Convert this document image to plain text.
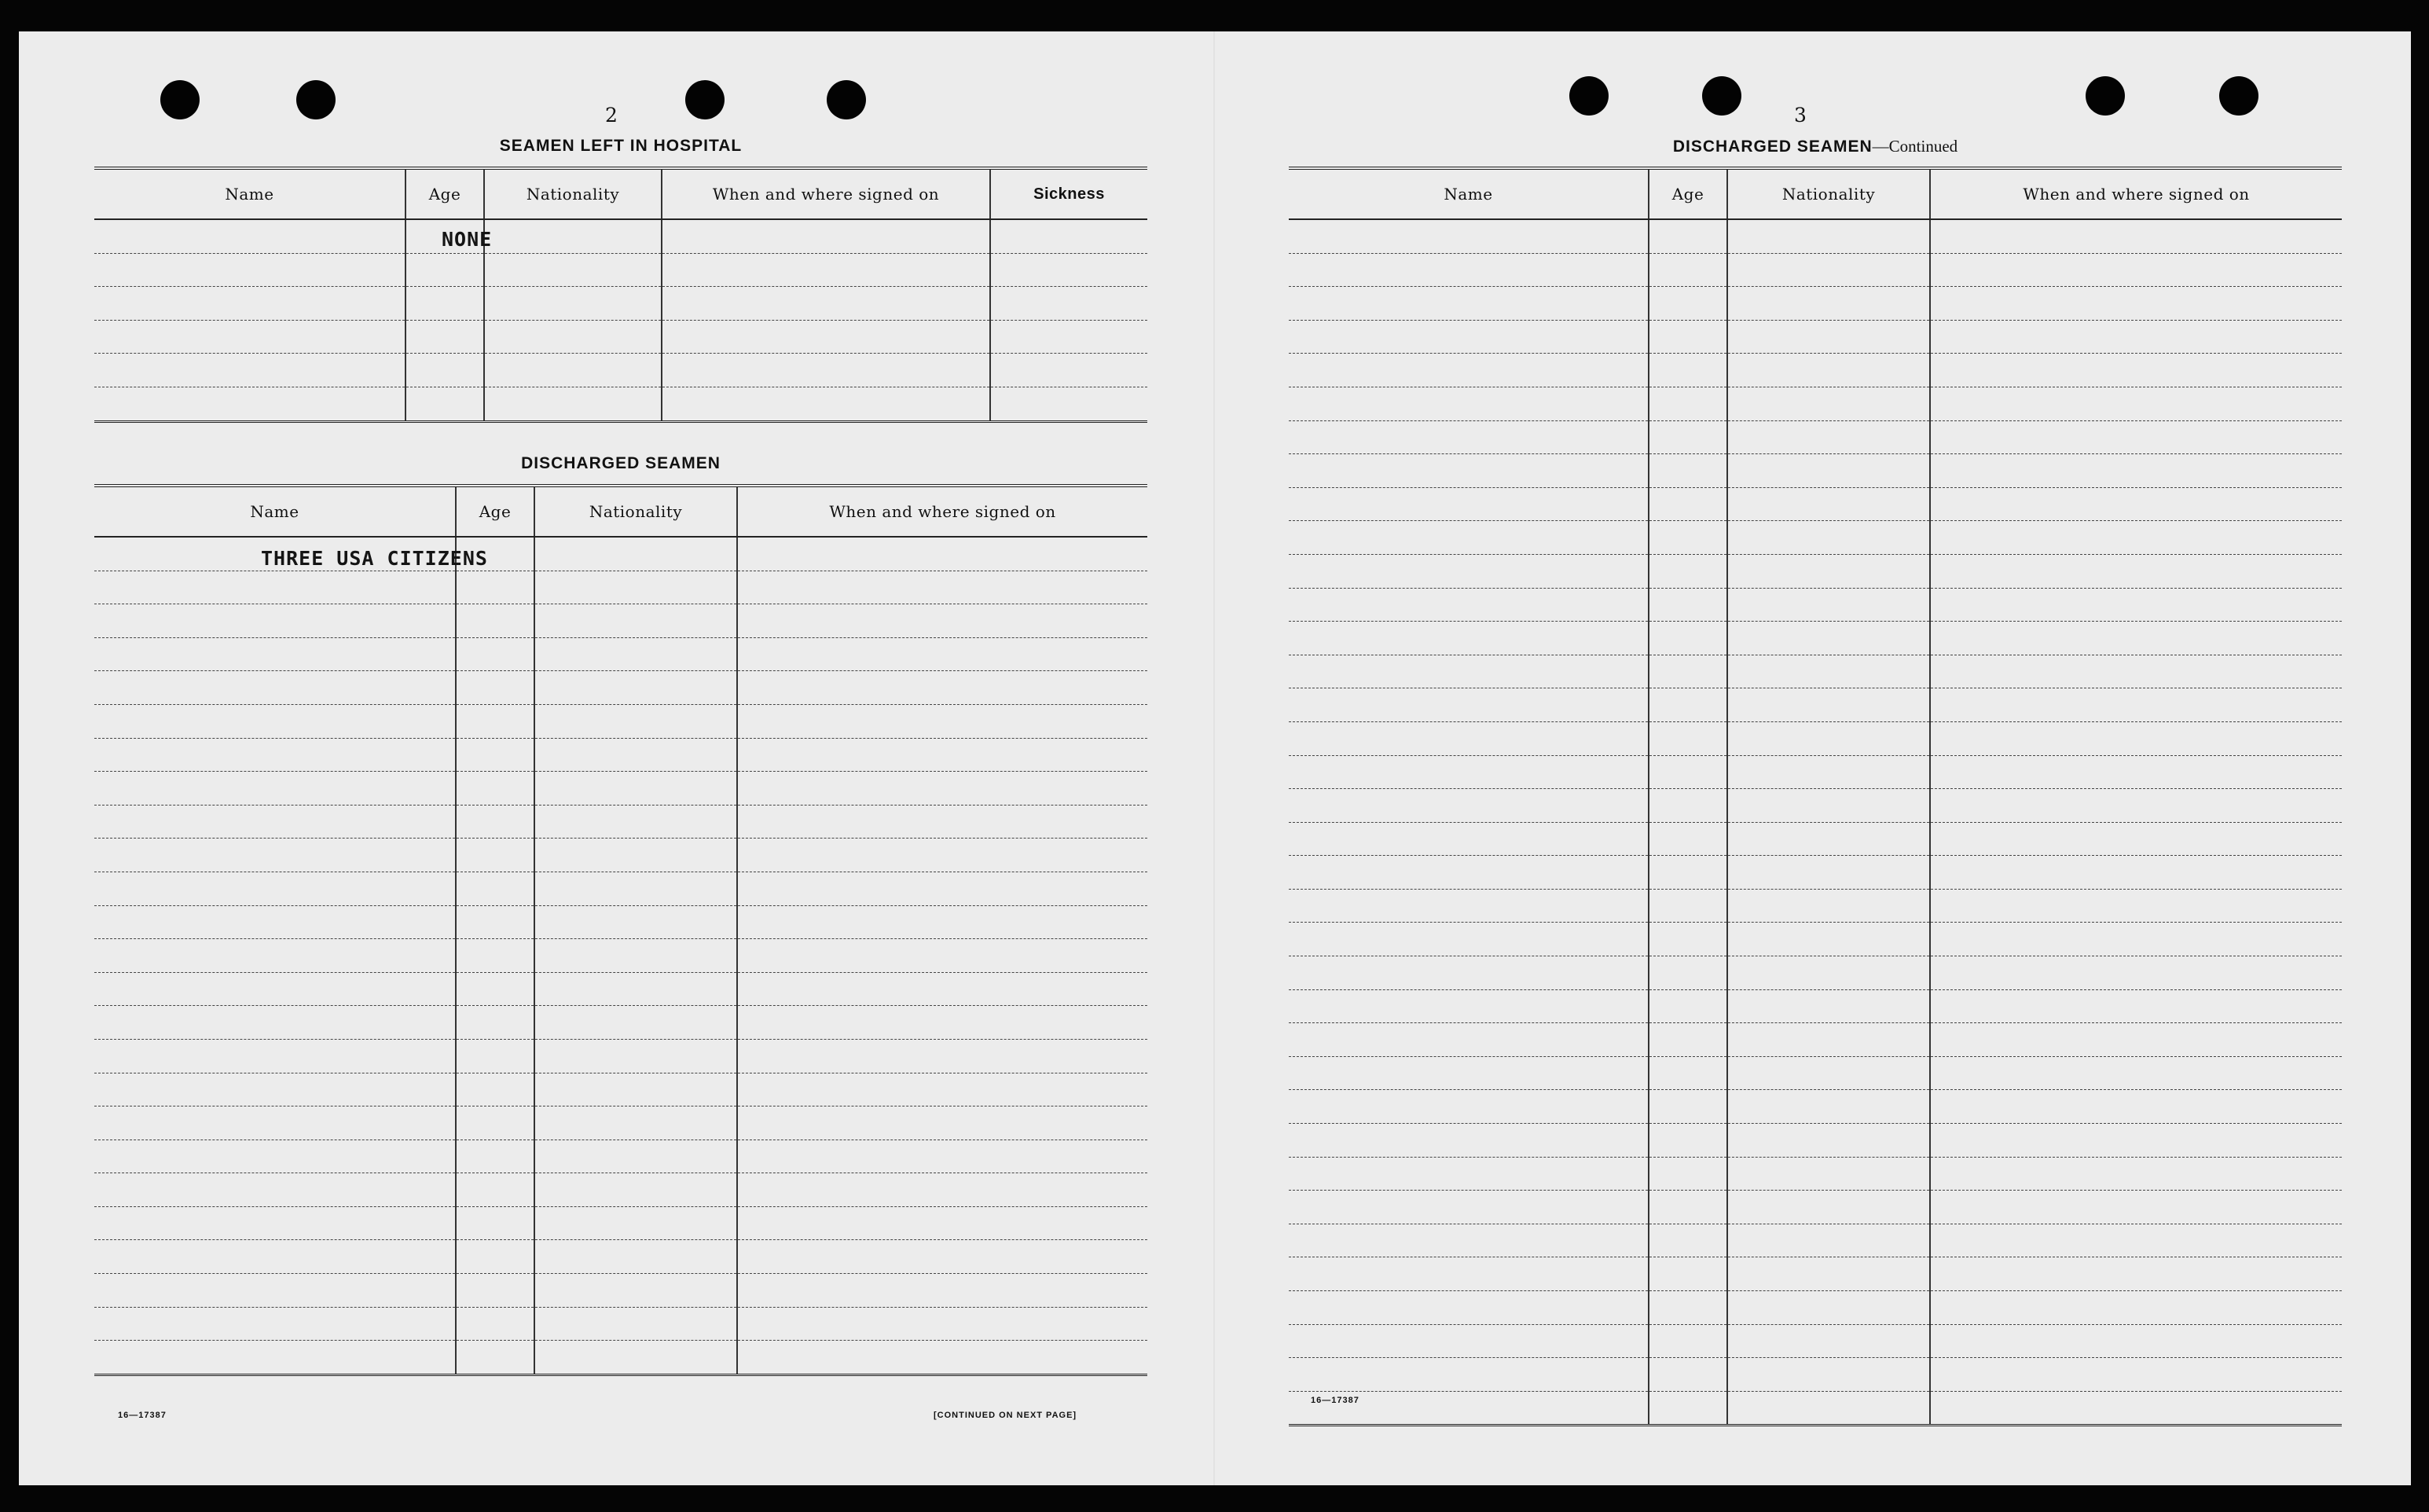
2
SEAMEN LEFT IN HOSPITAL
Name	Age	Nationality	When and where signed on	Sickness

NONE
DISCHARGED SEAMEN
Name	Age	Nationality	When and where signed on

THREE USA CITIZENS
16—17387	[CONTINUED ON NEXT PAGE]
3
DISCHARGED SEAMEN—Continued
Name	Age	Nationality	When and where signed on

16—17387
